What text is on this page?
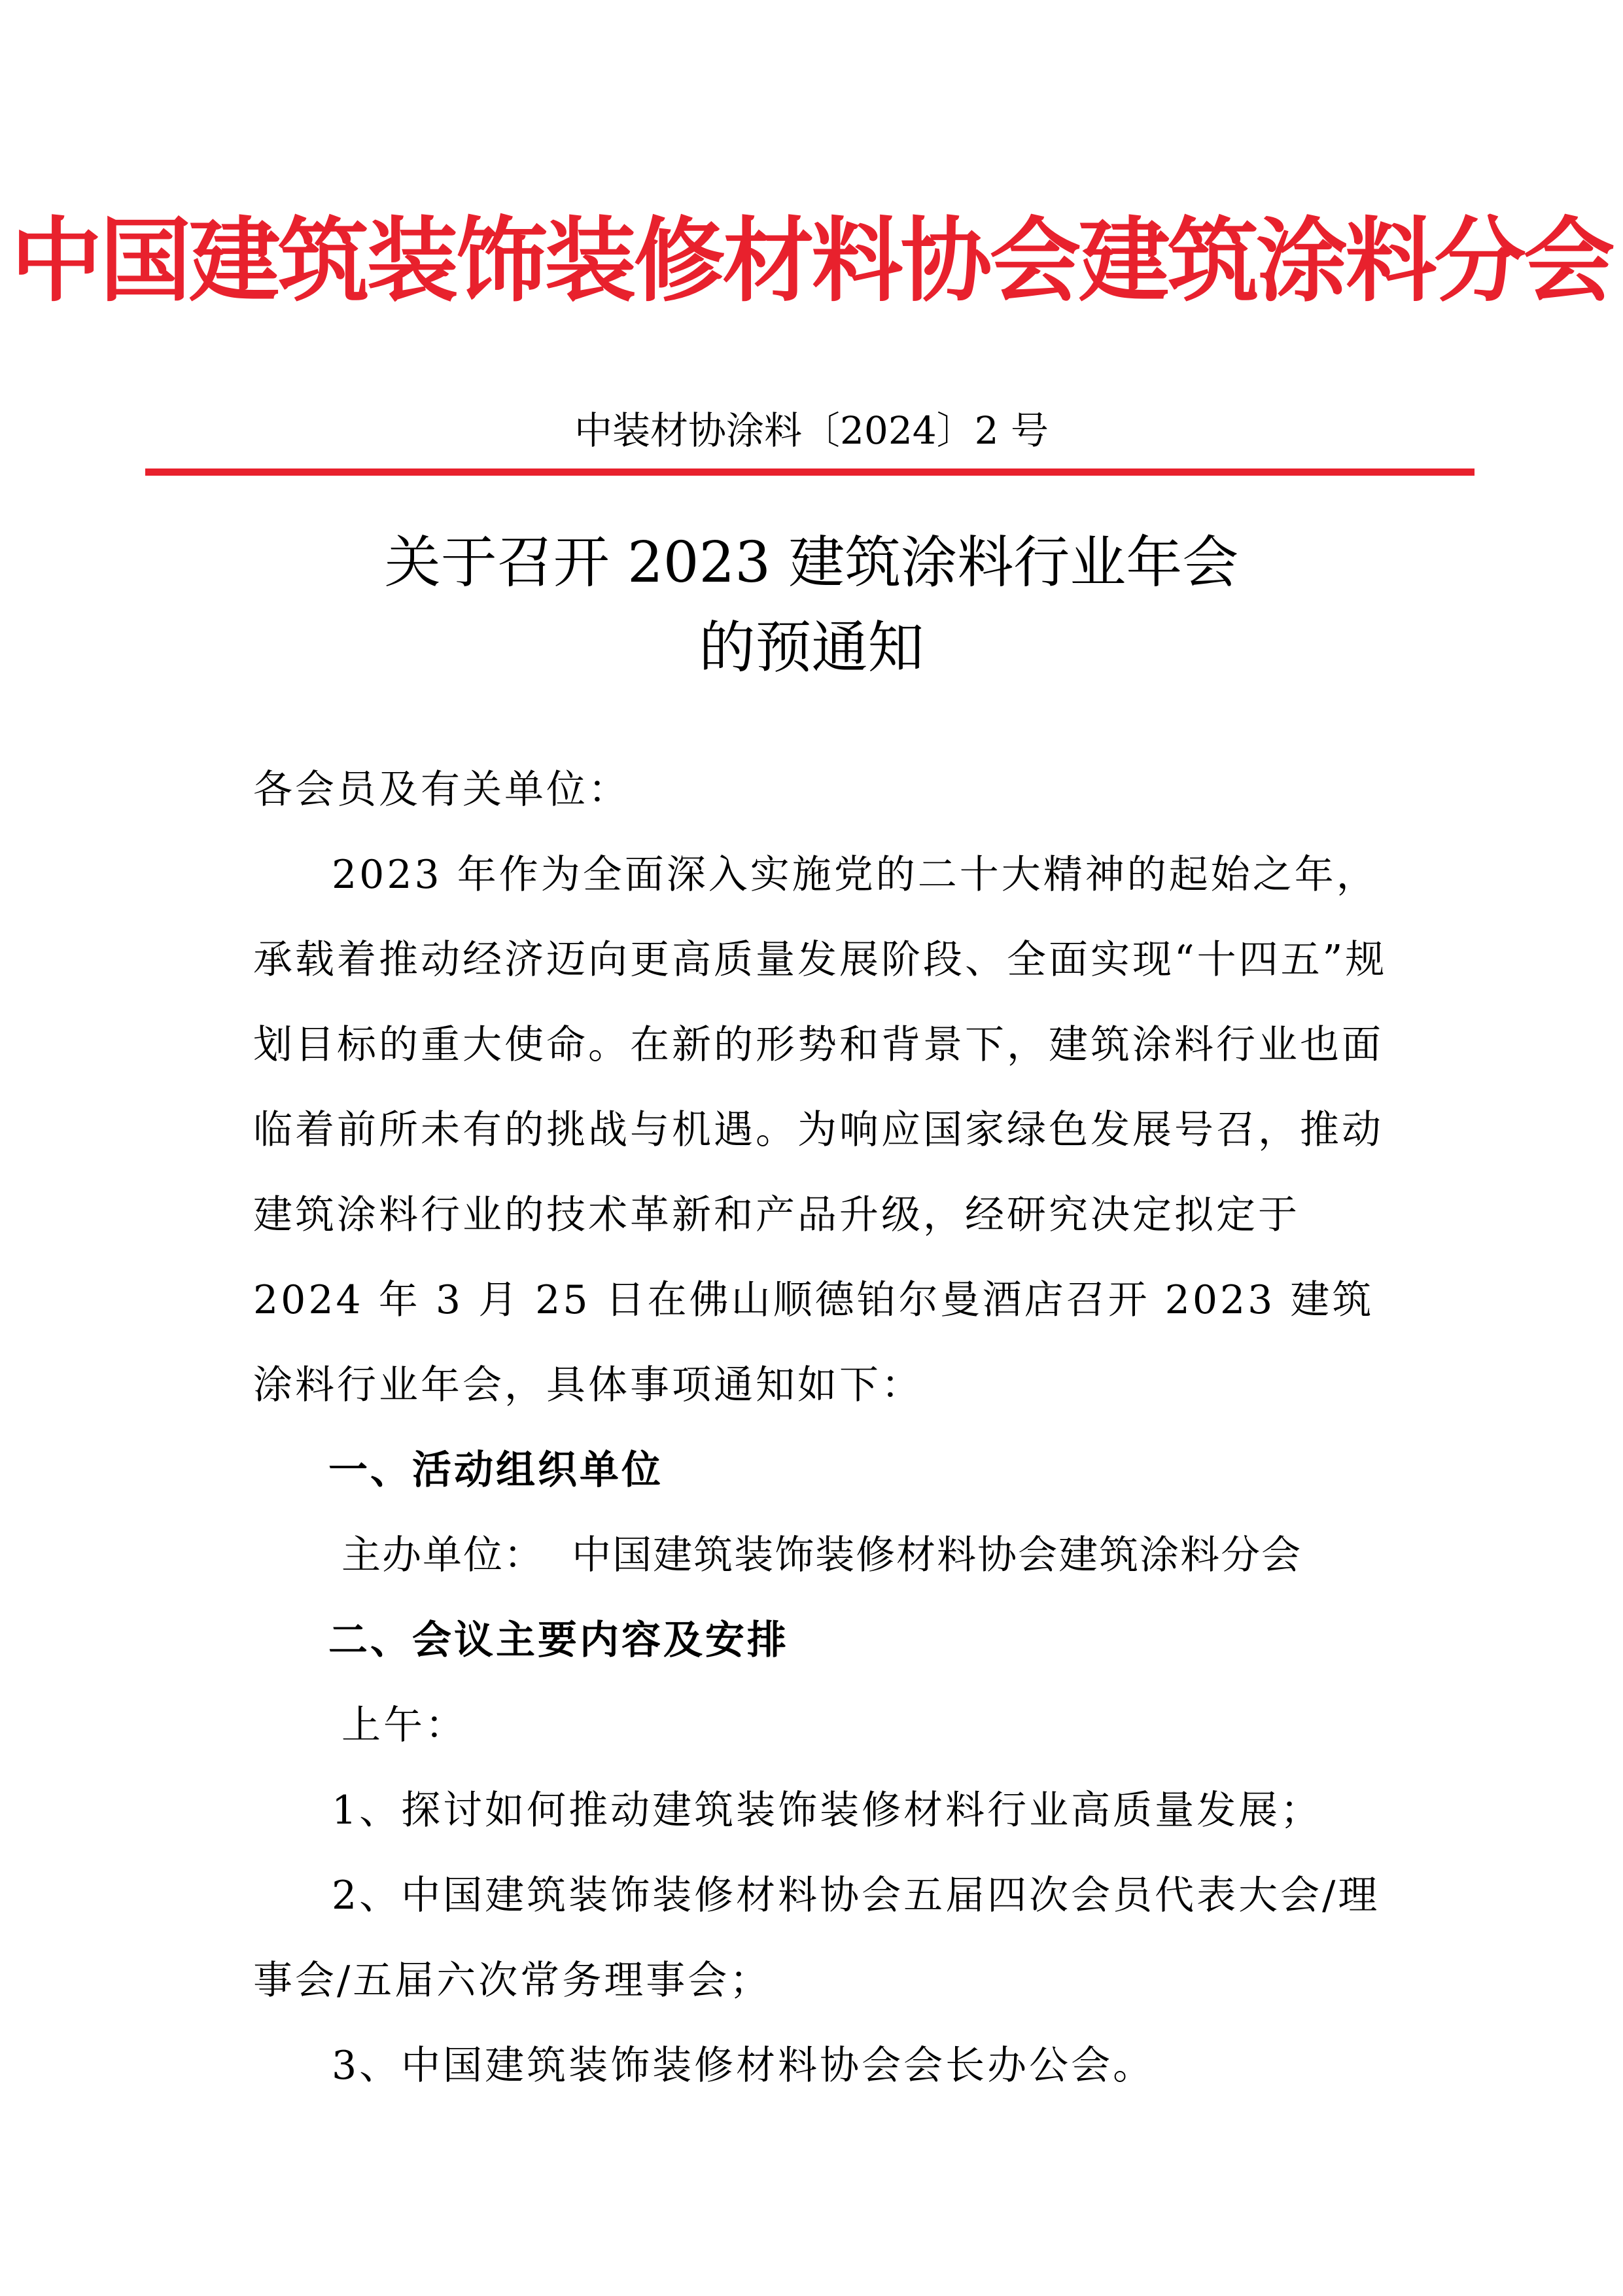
中国建筑装饰装修材料协会建筑涂料分会
中装材协涂料〔2024〕2 号
关于召开 2023 建筑涂料行业年会
的预通知

各会员及有关单位：

2023 年作为全面深入实施党的二十大精神的起始之年，承载着推动经济迈向更高质量发展阶段、全面实现“十四五”规划目标的重大使命。在新的形势和背景下，建筑涂料行业也面临着前所未有的挑战与机遇。为响应国家绿色发展号召，推动建筑涂料行业的技术革新和产品升级，经研究决定拟定于 2024 年 3 月 25 日在佛山顺德铂尔曼酒店召开 2023 建筑涂料行业年会，具体事项通知如下：

一、活动组织单位

主办单位：  中国建筑装饰装修材料协会建筑涂料分会

二、会议主要内容及安排

上午：

1、探讨如何推动建筑装饰装修材料行业高质量发展；

2、中国建筑装饰装修材料协会五届四次会员代表大会/理事会/五届六次常务理事会；

3、中国建筑装饰装修材料协会会长办公会。
